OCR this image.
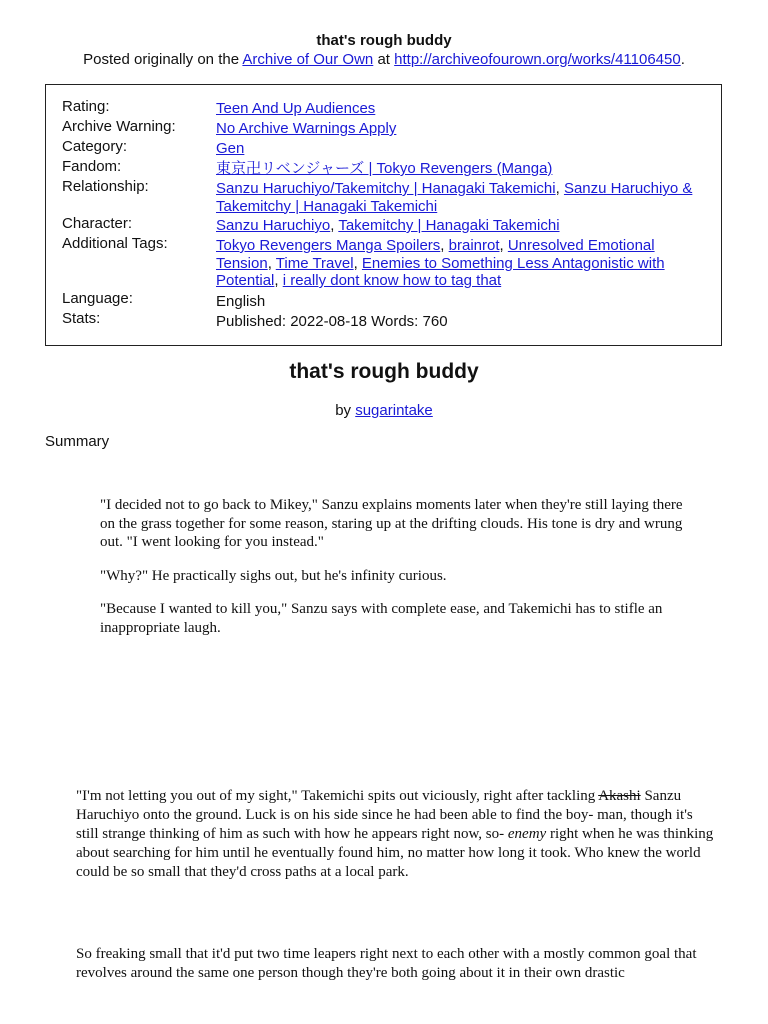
that's rough buddy
Posted originally on the Archive of Our Own at http://archiveofourown.org/works/41106450.
Rating:	Teen And Up Audiences
Archive Warning:	No Archive Warnings Apply
Category:	Gen
Fandom:	東京卍リベンジャーズ | Tokyo Revengers (Manga)
Relationship:	Sanzu Haruchiyo/Takemitchy | Hanagaki Takemichi, Sanzu Haruchiyo & Takemitchy | Hanagaki Takemichi
Character:	Sanzu Haruchiyo, Takemitchy | Hanagaki Takemichi
Additional Tags:	Tokyo Revengers Manga Spoilers, brainrot, Unresolved Emotional Tension, Time Travel, Enemies to Something Less Antagonistic with Potential, i really dont know how to tag that
Language:	English
Stats:	Published: 2022-08-18 Words: 760
that's rough buddy
by sugarintake
Summary

"I decided not to go back to Mikey," Sanzu explains moments later when they're still laying there on the grass together for some reason, staring up at the drifting clouds. His tone is dry and wrung out. "I went looking for you instead."

"Why?" He practically sighs out, but he's infinity curious.

"Because I wanted to kill you," Sanzu says with complete ease, and Takemichi has to stifle an inappropriate laugh.

"I'm not letting you out of my sight," Takemichi spits out viciously, right after tackling Akashi Sanzu Haruchiyo onto the ground. Luck is on his side since he had been able to find the boy- man, though it's still strange thinking of him as such with how he appears right now, so- enemy right when he was thinking about searching for him until he eventually found him, no matter how long it took. Who knew the world could be so small that they'd cross paths at a local park.
So freaking small that it'd put two time leapers right next to each other with a mostly common goal that revolves around the same one person though they're both going about it in their own drastic
